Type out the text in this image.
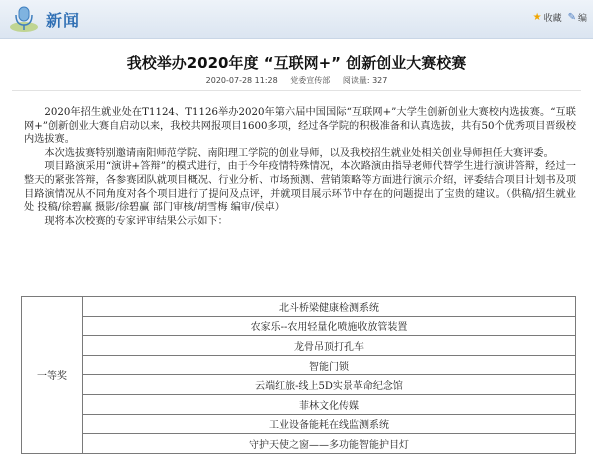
新闻	★ 收藏 ✎ 编
我校举办2020年度 “互联网+” 创新创业大赛校赛
2020-07-28 11:28 党委宣传部 阅读量: 327

2020年招生就业处在T1124、T1126举办2020年第六届中国国际“互联网+”大学生创新创业大赛校内选拔赛。“互联网+”创新创业大赛自启动以来，我校共网报项目1600多项，经过各学院的积极准备和认真选拔，共有50个优秀项目晋级校内选拔赛。

本次选拔赛特别邀请南阳师范学院、南阳理工学院的创业导师，以及我校招生就业处相关创业导师担任大赛评委。

项目路演采用“演讲+答辩”的模式进行，由于今年疫情特殊情况，本次路演由指导老师代替学生进行演讲答辩，经过一整天的紧张答辩，各参赛团队就项目概况、行业分析、市场预测、营销策略等方面进行演示介绍，评委结合项目计划书及项目路演情况从不同角度对各个项目进行了提问及点评，并就项目展示环节中存在的问题提出了宝贵的建议。（供稿/招生就业处 投稿/徐碧赢 摄影/徐碧赢 部门审核/胡雪梅 编审/侯卓）

现将本次校赛的专家评审结果公示如下：

一等奖	北斗桥梁健康检测系统
农家乐--农用轻量化喷施收放管装置
龙骨吊顶打孔车
智能门锁
云端红旅-线上5D实景革命纪念馆
菲林文化传媒
工业设备能耗在线监测系统
守护天使之窗——多功能智能护目灯
